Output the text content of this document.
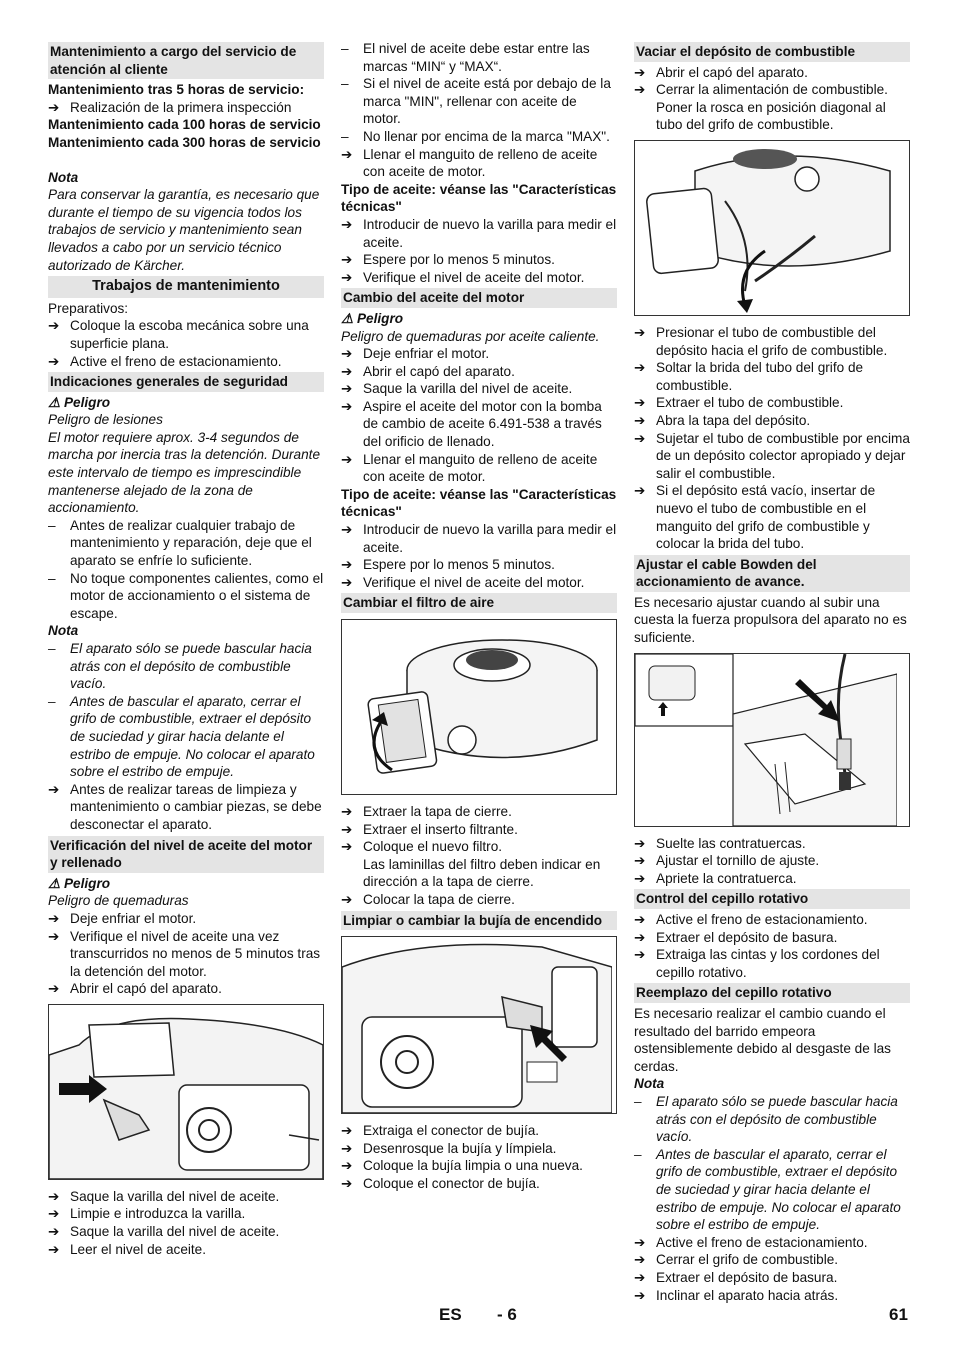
Mantenimiento a cargo del servicio de atención al cliente
Mantenimiento tras 5 horas de servicio:
➔ Realización de la primera inspección
Mantenimiento cada 100 horas de servicio
Mantenimiento cada 300 horas de servicio
Nota
Para conservar la garantía, es necesario que durante el tiempo de su vigencia todos los trabajos de servicio y mantenimiento sean llevados a cabo por un servicio técnico autorizado de Kärcher.
Trabajos de mantenimiento
Preparativos:
➔ Coloque la escoba mecánica sobre una superficie plana.
➔ Active el freno de estacionamiento.
Indicaciones generales de seguridad
⚠ Peligro
Peligro de lesiones
El motor requiere aprox. 3-4 segundos de marcha por inercia tras la detención. Durante este intervalo de tiempo es imprescindible mantenerse alejado de la zona de accionamiento.
–	Antes de realizar cualquier trabajo de mantenimiento y reparación, deje que el aparato se enfríe lo suficiente.
–	No toque componentes calientes, como el motor de accionamiento o el sistema de escape.
Nota
–	El aparato sólo se puede bascular hacia atrás con el depósito de combustible vacío.
–	Antes de bascular el aparato, cerrar el grifo de combustible, extraer el depósito de suciedad y girar hacia delante el estribo de empuje. No colocar el aparato sobre el estribo de empuje.
➔ Antes de realizar tareas de limpieza y mantenimiento o cambiar piezas, se debe desconectar el aparato.
Verificación del nivel de aceite del motor y rellenado
⚠ Peligro
Peligro de quemaduras
➔ Deje enfriar el motor.
➔ Verifique el nivel de aceite una vez transcurridos no menos de 5 minutos tras la detención del motor.
➔ Abrir el capó del aparato.
➔ Saque la varilla del nivel de aceite.
➔ Limpie e introduzca la varilla.
➔ Saque la varilla del nivel de aceite.
➔ Leer el nivel de aceite.
–	El nivel de aceite debe estar entre las marcas “MIN“ y “MAX“.
–	Si el nivel de aceite está por debajo de la marca "MIN", rellenar con aceite de motor.
–	No llenar por encima de la marca "MAX".
➔ Llenar el manguito de relleno de aceite con aceite de motor.
Tipo de aceite: véanse las "Características técnicas"
➔ Introducir de nuevo la varilla para medir el aceite.
➔ Espere por lo menos 5 minutos.
➔ Verifique el nivel de aceite del motor.
Cambio del aceite del motor
⚠ Peligro
Peligro de quemaduras por aceite caliente.
➔ Deje enfriar el motor.
➔ Abrir el capó del aparato.
➔ Saque la varilla del nivel de aceite.
➔ Aspire el aceite del motor con la bomba de cambio de aceite 6.491-538 a través del orificio de llenado.
➔ Llenar el manguito de relleno de aceite con aceite de motor.
Tipo de aceite: véanse las "Características técnicas"
➔ Introducir de nuevo la varilla para medir el aceite.
➔ Espere por lo menos 5 minutos.
➔ Verifique el nivel de aceite del motor.
Cambiar el filtro de aire
➔ Extraer la tapa de cierre.
➔ Extraer el inserto filtrante.
➔ Coloque el nuevo filtro.
Las laminillas del filtro deben indicar en dirección a la tapa de cierre.
➔ Colocar la tapa de cierre.
Limpiar o cambiar la bujía de encendido
➔ Extraiga el conector de bujía.
➔ Desenrosque la bujía y límpiela.
➔ Coloque la bujía limpia o una nueva.
➔ Coloque el conector de bujía.
Vaciar el depósito de combustible
➔ Abrir el capó del aparato.
➔ Cerrar la alimentación de combustible. Poner la rosca en posición diagonal al tubo del grifo de combustible.
➔ Presionar el tubo de combustible del depósito hacia el grifo de combustible.
➔ Soltar la brida del tubo del grifo de combustible.
➔ Extraer el tubo de combustible.
➔ Abra la tapa del depósito.
➔ Sujetar el tubo de combustible por encima de un depósito colector apropiado y dejar salir el combustible.
➔ Si el depósito está vacío, insertar de nuevo el tubo de combustible en el manguito del grifo de combustible y colocar la brida del tubo.
Ajustar el cable Bowden del accionamiento de avance.
Es necesario ajustar cuando al subir una cuesta la fuerza propulsora del aparato no es suficiente.
➔ Suelte las contratuercas.
➔ Ajustar el tornillo de ajuste.
➔ Apriete la contratuerca.
Control del cepillo rotativo
➔ Active el freno de estacionamiento.
➔ Extraer el depósito de basura.
➔ Extraiga las cintas y los cordones del cepillo rotativo.
Reemplazo del cepillo rotativo
Es necesario realizar el cambio cuando el resultado del barrido empeora ostensiblemente debido al desgaste de las cerdas.
Nota
–	El aparato sólo se puede bascular hacia atrás con el depósito de combustible vacío.
–	Antes de bascular el aparato, cerrar el grifo de combustible, extraer el depósito de suciedad y girar hacia delante el estribo de empuje. No colocar el aparato sobre el estribo de empuje.
➔ Active el freno de estacionamiento.
➔ Cerrar el grifo de combustible.
➔ Extraer el depósito de basura.
➔ Inclinar el aparato hacia atrás.
ES - 6	61
